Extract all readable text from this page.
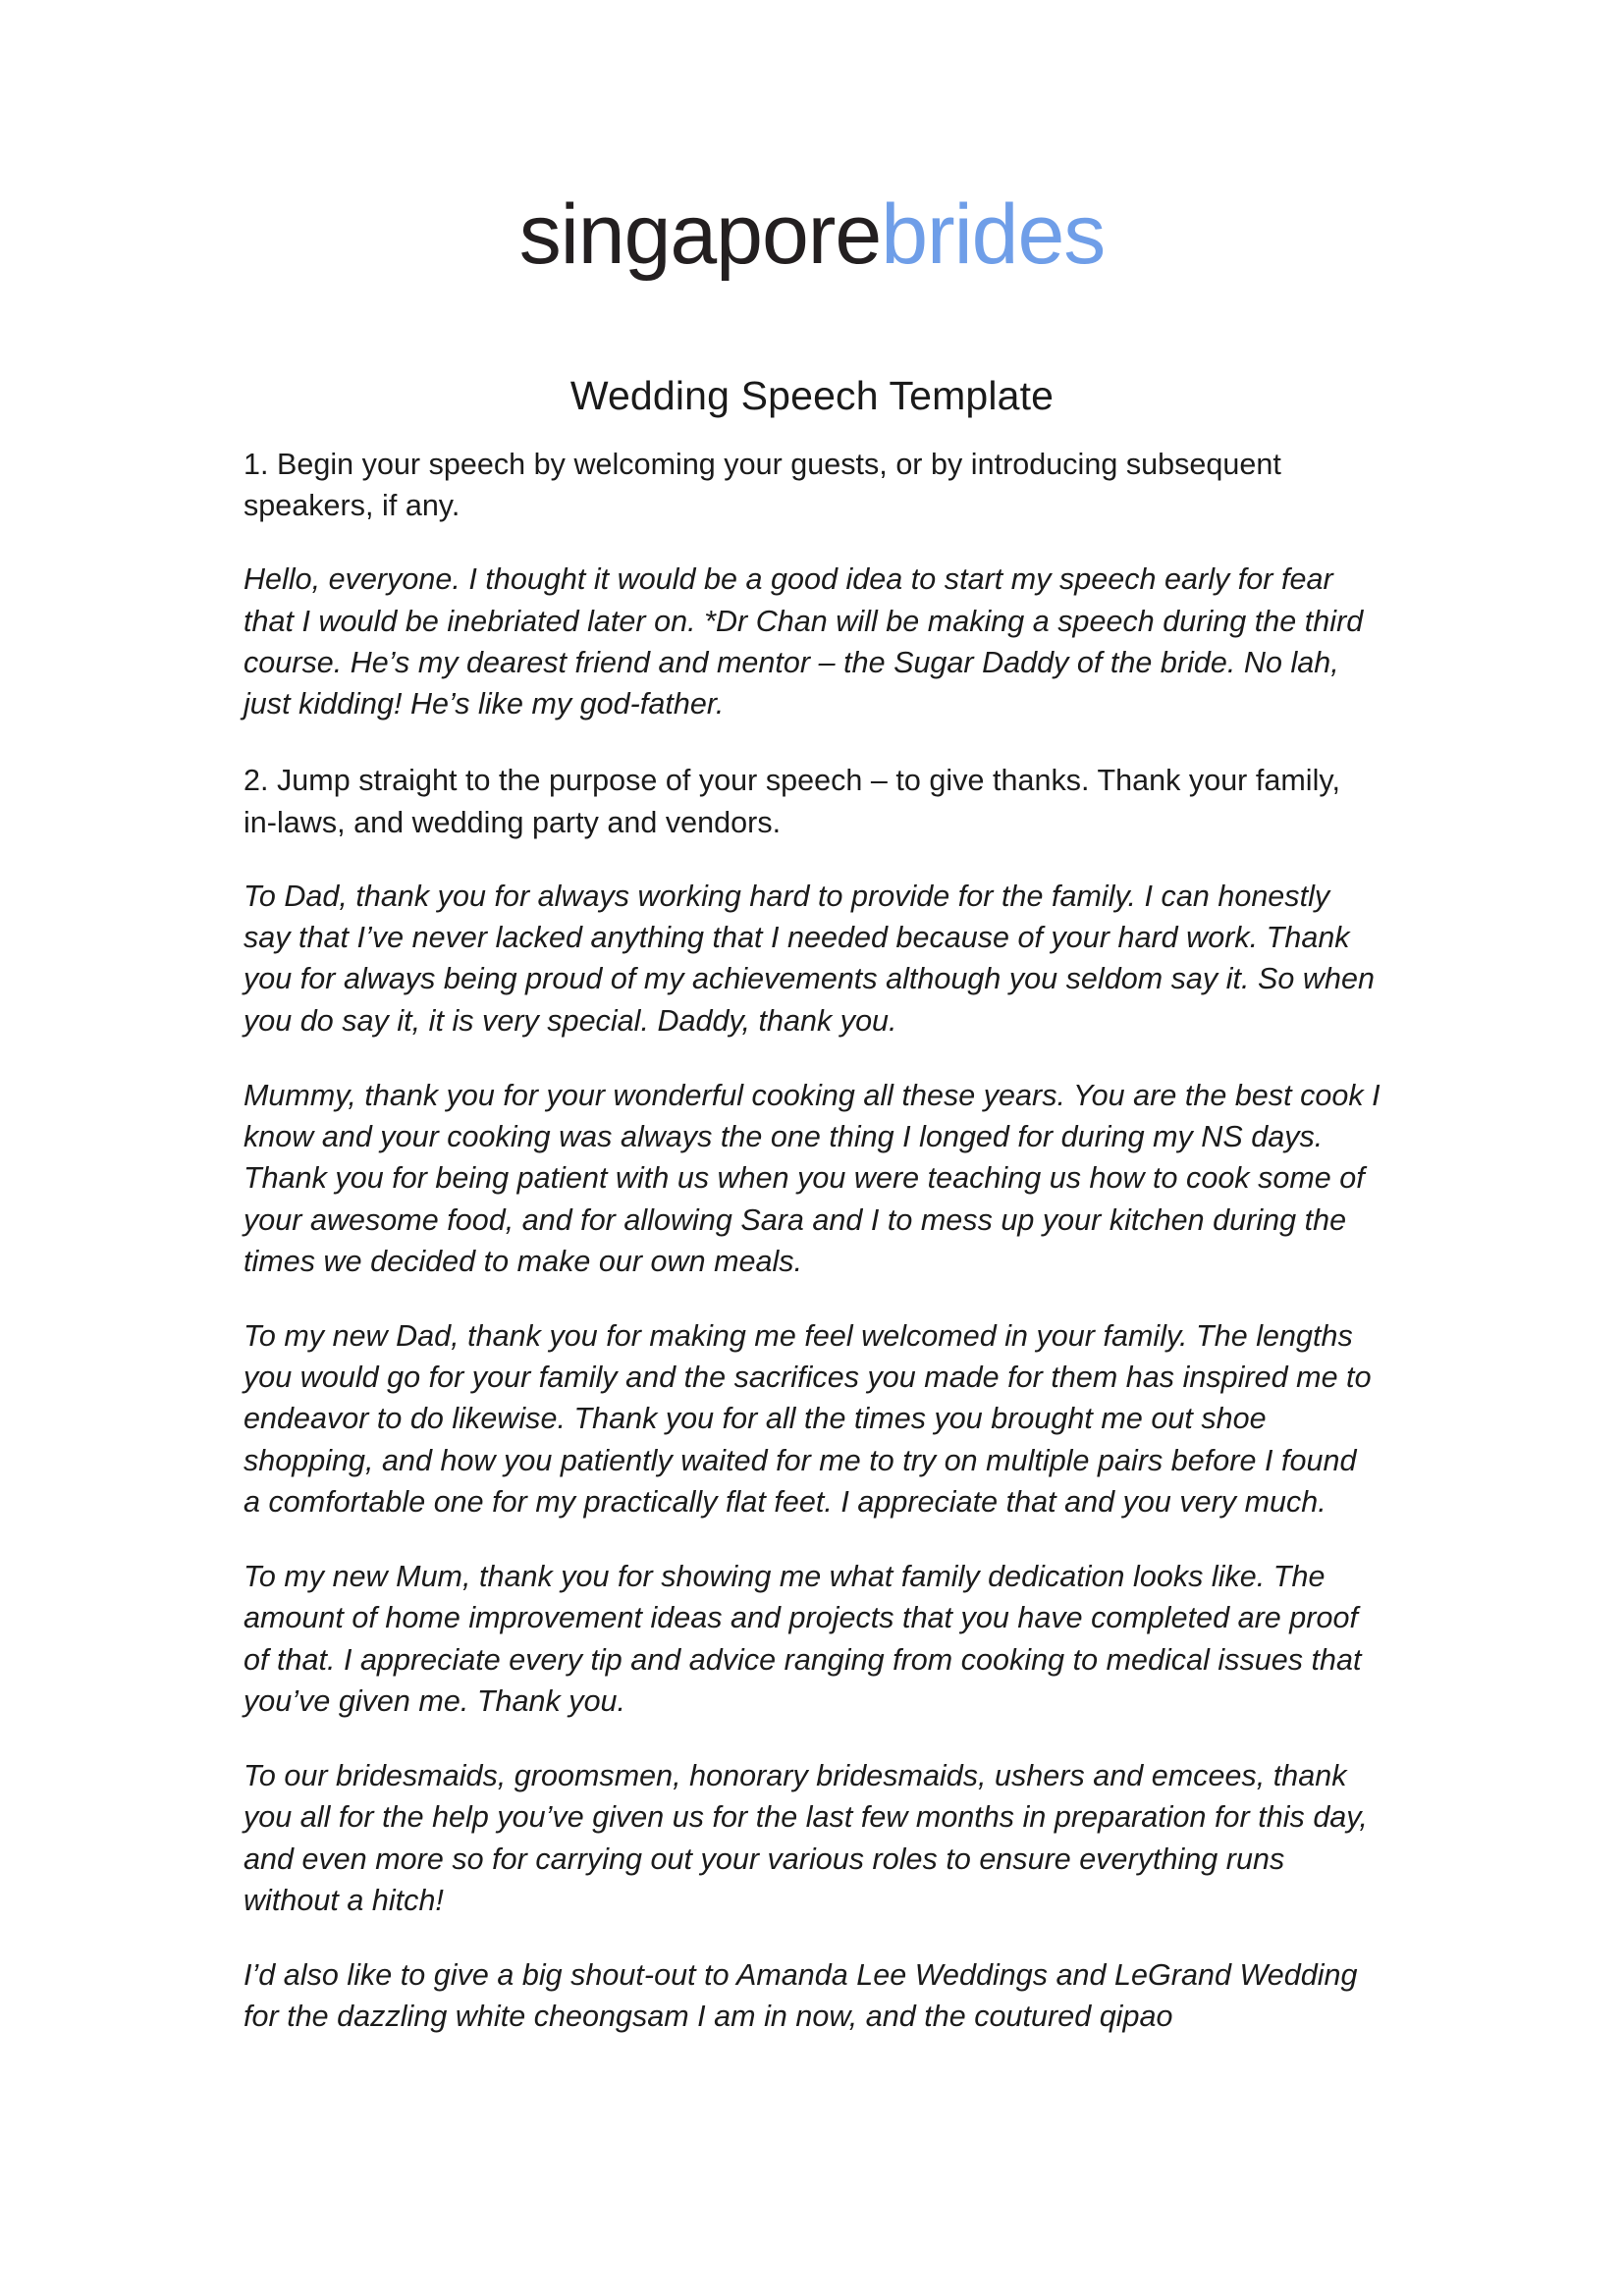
singaporebrides
Wedding Speech Template

1. Begin your speech by welcoming your guests, or by introducing subsequent speakers, if any.

Hello, everyone. I thought it would be a good idea to start my speech early for fear that I would be inebriated later on. *Dr Chan will be making a speech during the third course. He’s my dearest friend and mentor – the Sugar Daddy of the bride. No lah, just kidding! He’s like my god-father.

2. Jump straight to the purpose of your speech – to give thanks. Thank your family, in-laws, and wedding party and vendors.

To Dad, thank you for always working hard to provide for the family. I can honestly say that I’ve never lacked anything that I needed because of your hard work. Thank you for always being proud of my achievements although you seldom say it. So when you do say it, it is very special. Daddy, thank you.

Mummy, thank you for your wonderful cooking all these years. You are the best cook I know and your cooking was always the one thing I longed for during my NS days. Thank you for being patient with us when you were teaching us how to cook some of your awesome food, and for allowing Sara and I to mess up your kitchen during the times we decided to make our own meals.

To my new Dad, thank you for making me feel welcomed in your family. The lengths you would go for your family and the sacrifices you made for them has inspired me to endeavor to do likewise. Thank you for all the times you brought me out shoe shopping, and how you patiently waited for me to try on multiple pairs before I found a comfortable one for my practically flat feet. I appreciate that and you very much.

To my new Mum, thank you for showing me what family dedication looks like. The amount of home improvement ideas and projects that you have completed are proof of that. I appreciate every tip and advice ranging from cooking to medical issues that you’ve given me. Thank you.

To our bridesmaids, groomsmen, honorary bridesmaids, ushers and emcees, thank you all for the help you’ve given us for the last few months in preparation for this day, and even more so for carrying out your various roles to ensure everything runs without a hitch!

I’d also like to give a big shout-out to Amanda Lee Weddings and LeGrand Wedding for the dazzling white cheongsam I am in now, and the coutured qipao
